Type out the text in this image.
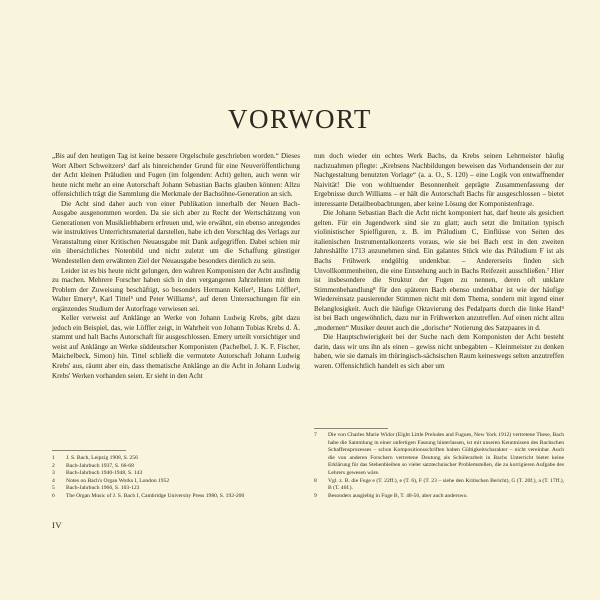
VORWORT

„Bis auf den heutigen Tag ist keine bessere Orgelschule geschrieben worden.“ Dieses Wort Albert Schweitzers¹ darf als hinreichender Grund für eine Neuveröffentlichung der Acht kleinen Präludien und Fugen (im folgenden: Acht) gelten, auch wenn wir heute nicht mehr an eine Autorschaft Johann Sebastian Bachs glauben können: Allzu offensichtlich trägt die Sammlung die Merkmale der Bachsöhne-Generation an sich.

Die Acht sind daher auch von einer Publikation innerhalb der Neuen Bach-Ausgabe ausgenommen worden. Da sie sich aber zu Recht der Wertschätzung von Generationen von Musikliebhabern erfreuen und, wie erwähnt, ein ebenso anregendes wie instruktives Unterrichtsmaterial darstellen, habe ich den Vorschlag des Verlags zur Veranstaltung einer Kritischen Neuausgabe mit Dank aufgegriffen. Dabei schien mir ein übersichtliches Notenbild und nicht zuletzt um die Schaffung günstiger Wendestellen dem erwähnten Ziel der Neuausgabe besonders dienlich zu sein.

Leider ist es bis heute nicht gelungen, den wahren Komponisten der Acht ausfindig zu machen. Mehrere Forscher haben sich in den vergangenen Jahrzehnten mit dem Problem der Zuweisung beschäftigt, so besonders Hermann Keller², Hans Löffler³, Walter Emery⁴, Karl Tittel⁵ und Peter Williams⁶, auf deren Untersuchungen für ein ergänzendes Studium der Autorfrage verwiesen sei.

Keller verweist auf Anklänge an Werke von Johann Ludwig Krebs, gibt dazu jedoch ein Beispiel, das, wie Löffler zeigt, in Wahrheit von Johann Tobias Krebs d. Ä. stammt und halt Bachs Autorschaft für ausgeschlossen. Emery urteilt vorsichtiger und weist auf Anklänge an Werke süddeutscher Komponisten (Pachelbel, J. K. F. Fischer, Maichelbeck, Simon) hin. Tittel schließt die vermutete Autorschaft Johann Ludwig Krebs' aus, räumt aber ein, dass thematische Anklänge an die Acht in Johann Ludwig Krebs' Werken vorhanden seien. Er sieht in den Acht

nun doch wieder ein echtes Werk Bachs, da Krebs seinen Lehrmeister häufig nachzuahmen pflegte: „Krebsens Nachbildungen beweisen das Vorhandensein der zur Nachgestaltung benutzten Vorlage“ (a. a. O., S. 120) – eine Logik von entwaffnender Naivität! Die von wohltuender Besonnenheit geprägte Zusammenfassung der Ergebnisse durch Williams – er hält die Autorschaft Bachs für ausgeschlossen – bietet interessante Detailbeobachtungen, aber keine Lösung der Komponistenfrage.

Die Johann Sebastian Bach die Acht nicht komponiert hat, darf heute als gesichert gelten. Für ein Jugendwerk sind sie zu glatt; auch setzt die Imitation typisch violinistischer Spielfiguren, z. B. im Präludium C, Einflüsse von Seiten des italienischen Instrumentalkonzerts voraus, wie sie bei Bach erst in den zweiten Jahreshälfte 1713 anzunehmen sind. Ein galantes Stück wie das Präludium F ist als Bachs Frühwerk endgültig undenkbar. – Andererseits finden sich Unvollkommenheiten, die eine Entstehung auch in Bachs Reifezeit ausschließen.⁷ Hier ist insbesondere die Struktur der Fugen zu nennen, deren oft unklare Stimmenbehandlung⁸ für den späteren Bach ebenso undenkbar ist wie der häufige Wiedereinsatz pausierender Stimmen nicht mit dem Thema, sondern mit irgend einer Belanglosigkeit. Auch die häufige Oktavierung des Pedalparts durch die linke Hand⁹ ist bei Bach ungewöhnlich, dazu nur in Frühwerken anzutreffen. Auf einen nicht allzu „modernen“ Musiker deutet auch die „dorische“ Notierung des Satzpaares in d.

Die Hauptschwierigkeit bei der Suche nach dem Komponisten der Acht besteht darin, dass wir uns ihn als einen – gewiss nicht unbegabten – Kleinmeister zu denken haben, wie sie damals im thüringisch-sächsischen Raum keineswegs selten anzutreffen waren. Offensichtlich handelt es sich aber um

1	J. S. Bach, Leipzig 1908, S. 256
2	Bach-Jahrbuch 1937, S. 66-68
3	Bach-Jahrbuch 1940-1948, S. 143
4	Notes on Bach's Organ Works I, London 1952
5	Bach-Jahrbuch 1966, S. 103-123
6	The Organ Music of J. S. Bach I, Cambridge University Press 1980, S. 192-200
7	Die von Charles Marie Widor (Eight Little Preludes and Fugues, New York 1912) vertretene These, Bach habe die Sammlung in einer unfertigen Fassung hinterlassen, ist mit unseren Kenntnissen des Bachschen Schaffensprozesses – schon Kompositionsschriften haben Gültigkeitscharakter – nicht vereinbar. Auch die von anderen Forschern vertretene Deutung als Schülerarbeit in Bachs Unterricht bietet keine Erklärung für das Stehenbleiben so vieler satztechnischer Problemstellen, die zu korrigieren Aufgabe des Lehrers gewesen wäre.
8	Vgl. z. B. die Fuge e (T. 22ff.), e (T. 6), F (T. 23 – siehe den Kritischen Bericht), G (T. 20f.), a (T. 17ff.), B (T. 46f.).
9	Besonders ausgiebig in Fuge B, T. 48-56, aber auch anderswo.
IV
